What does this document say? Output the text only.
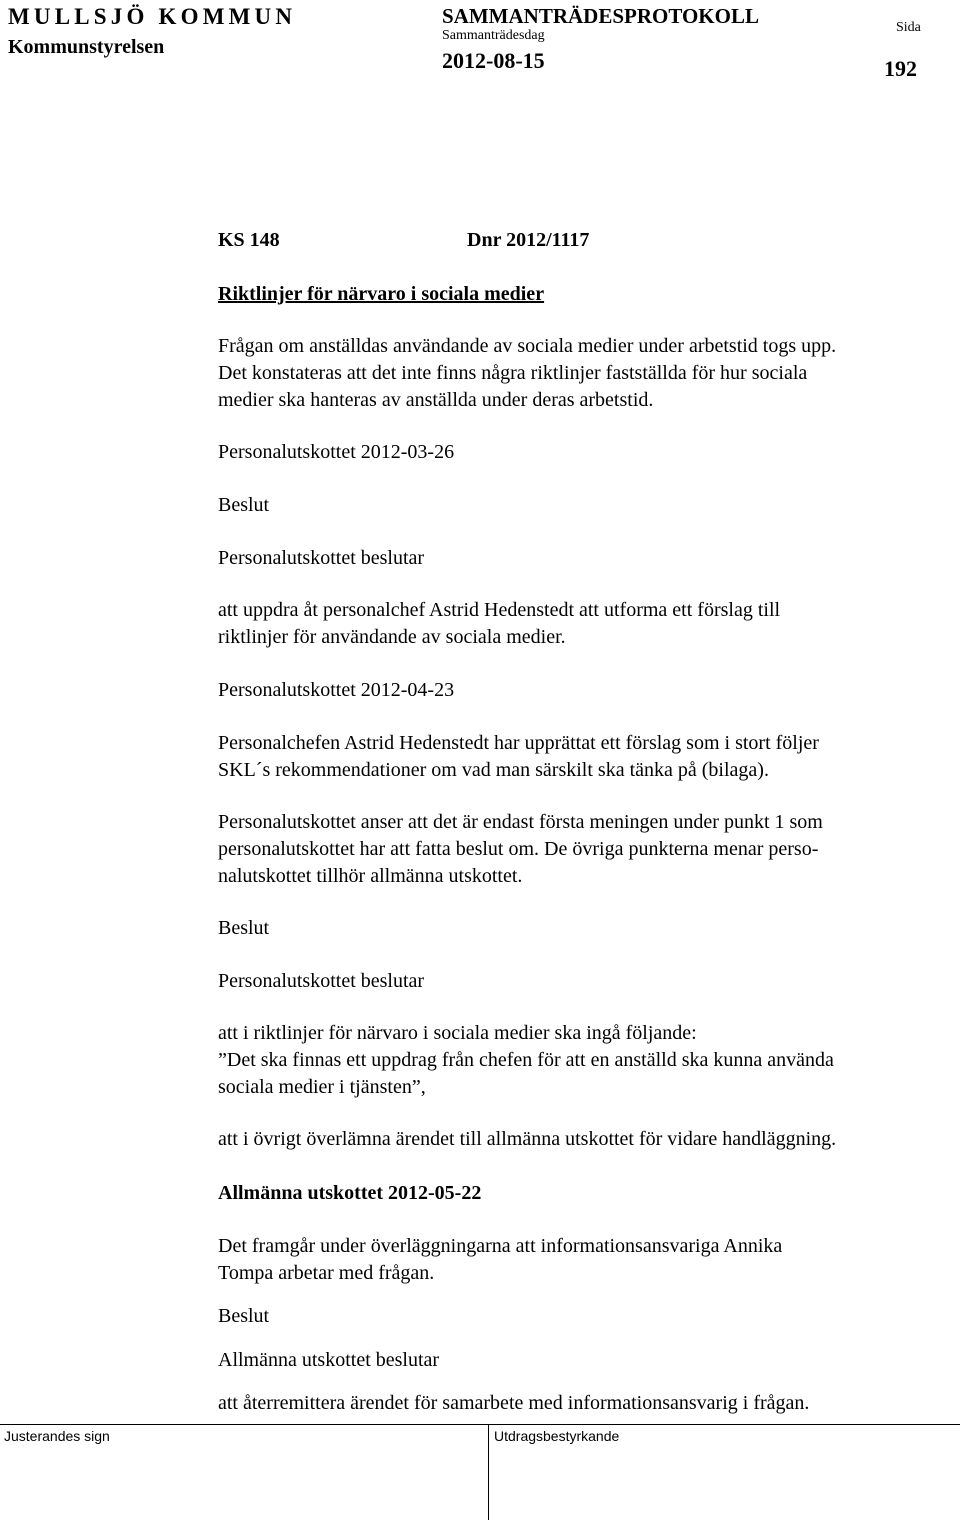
MULLSJÖ KOMMUN
Kommunstyrelsen
SAMMANTRÄDESPROTOKOLL
Sammanträdesdag
2012-08-15
Sida
192
KS 148	Dnr 2012/1117
Riktlinjer för närvaro i sociala medier
Frågan om anställdas användande av sociala medier under arbetstid togs upp.
Det konstateras att det inte finns några riktlinjer fastställda för hur sociala
medier ska hanteras av anställda under deras arbetstid.
Personalutskottet 2012-03-26
Beslut
Personalutskottet beslutar
att uppdra åt personalchef Astrid Hedenstedt att utforma ett förslag till
riktlinjer för användande av sociala medier.
Personalutskottet 2012-04-23
Personalchefen Astrid Hedenstedt har upprättat ett förslag som i stort följer
SKL´s rekommendationer om vad man särskilt ska tänka på (bilaga).
Personalutskottet anser att det är endast första meningen under punkt 1 som
personalutskottet har att fatta beslut om. De övriga punkterna menar perso-
nalutskottet tillhör allmänna utskottet.
Beslut
Personalutskottet beslutar
att i riktlinjer för närvaro i sociala medier ska ingå följande:
”Det ska finnas ett uppdrag från chefen för att en anställd ska kunna använda
sociala medier i tjänsten”,
att i övrigt överlämna ärendet till allmänna utskottet för vidare handläggning.
Allmänna utskottet 2012-05-22
Det framgår under överläggningarna att informationsansvariga Annika
Tompa arbetar med frågan.
Beslut
Allmänna utskottet beslutar
att återremittera ärendet för samarbete med informationsansvarig i frågan.
Justerandes sign	Utdragsbestyrkande
